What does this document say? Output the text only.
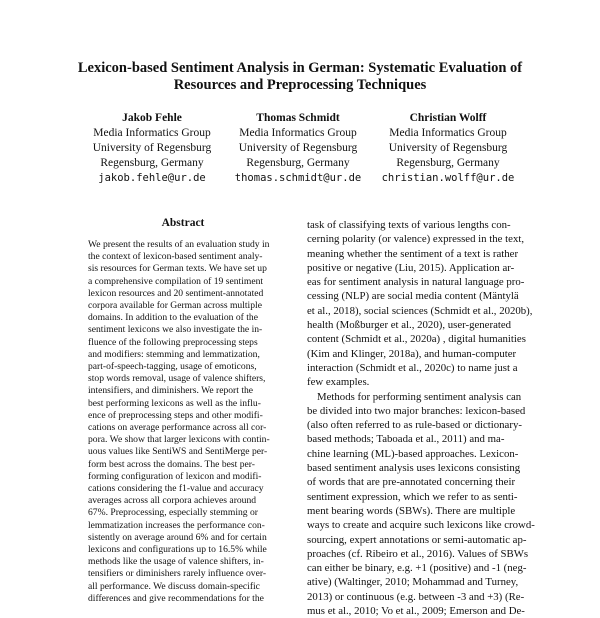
Lexicon-based Sentiment Analysis in German: Systematic Evaluation of
Resources and Preprocessing Techniques
Jakob Fehle
Media Informatics Group
University of Regensburg
Regensburg, Germany
jakob.fehle@ur.de
Thomas Schmidt
Media Informatics Group
University of Regensburg
Regensburg, Germany
thomas.schmidt@ur.de
Christian Wolff
Media Informatics Group
University of Regensburg
Regensburg, Germany
christian.wolff@ur.de
Abstract
We present the results of an evaluation study in
the context of lexicon-based sentiment analy-
sis resources for German texts. We have set up
a comprehensive compilation of 19 sentiment
lexicon resources and 20 sentiment-annotated
corpora available for German across multiple
domains. In addition to the evaluation of the
sentiment lexicons we also investigate the in-
fluence of the following preprocessing steps
and modifiers: stemming and lemmatization,
part-of-speech-tagging, usage of emoticons,
stop words removal, usage of valence shifters,
intensifiers, and diminishers. We report the
best performing lexicons as well as the influ-
ence of preprocessing steps and other modifi-
cations on average performance across all cor-
pora. We show that larger lexicons with contin-
uous values like SentiWS and SentiMerge per-
form best across the domains. The best per-
forming configuration of lexicon and modifi-
cations considering the f1-value and accuracy
averages across all corpora achieves around
67%. Preprocessing, especially stemming or
lemmatization increases the performance con-
sistently on average around 6% and for certain
lexicons and configurations up to 16.5% while
methods like the usage of valence shifters, in-
tensifiers or diminishers rarely influence over-
all performance. We discuss domain-specific
differences and give recommendations for the
task of classifying texts of various lengths con-
cerning polarity (or valence) expressed in the text,
meaning whether the sentiment of a text is rather
positive or negative (Liu, 2015). Application ar-
eas for sentiment analysis in natural language pro-
cessing (NLP) are social media content (Mäntylä
et al., 2018), social sciences (Schmidt et al., 2020b),
health (Moßburger et al., 2020), user-generated
content (Schmidt et al., 2020a) , digital humanities
(Kim and Klinger, 2018a), and human-computer
interaction (Schmidt et al., 2020c) to name just a
few examples.
Methods for performing sentiment analysis can
be divided into two major branches: lexicon-based
(also often referred to as rule-based or dictionary-
based methods; Taboada et al., 2011) and ma-
chine learning (ML)-based approaches. Lexicon-
based sentiment analysis uses lexicons consisting
of words that are pre-annotated concerning their
sentiment expression, which we refer to as senti-
ment bearing words (SBWs). There are multiple
ways to create and acquire such lexicons like crowd-
sourcing, expert annotations or semi-automatic ap-
proaches (cf. Ribeiro et al., 2016). Values of SBWs
can either be binary, e.g. +1 (positive) and -1 (neg-
ative) (Waltinger, 2010; Mohammad and Turney,
2013) or continuous (e.g. between -3 and +3) (Re-
mus et al., 2010; Vo et al., 2009; Emerson and De-
